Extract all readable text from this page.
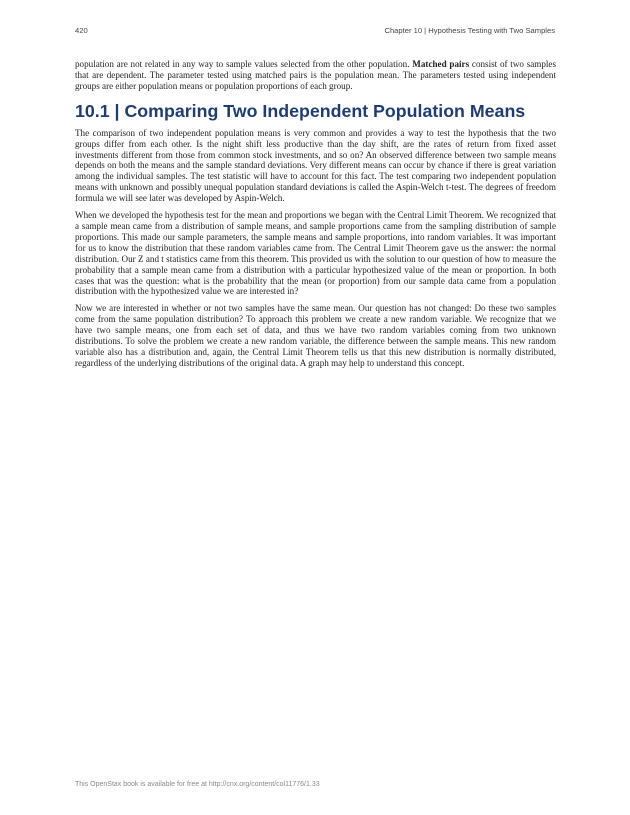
420	Chapter 10 | Hypothesis Testing with Two Samples

population are not related in any way to sample values selected from the other population. Matched pairs consist of two samples that are dependent. The parameter tested using matched pairs is the population mean. The parameters tested using independent groups are either population means or population proportions of each group.

10.1 | Comparing Two Independent Population Means

The comparison of two independent population means is very common and provides a way to test the hypothesis that the two groups differ from each other. Is the night shift less productive than the day shift, are the rates of return from fixed asset investments different from those from common stock investments, and so on? An observed difference between two sample means depends on both the means and the sample standard deviations. Very different means can occur by chance if there is great variation among the individual samples. The test statistic will have to account for this fact. The test comparing two independent population means with unknown and possibly unequal population standard deviations is called the Aspin-Welch t-test. The degrees of freedom formula we will see later was developed by Aspin-Welch.

When we developed the hypothesis test for the mean and proportions we began with the Central Limit Theorem. We recognized that a sample mean came from a distribution of sample means, and sample proportions came from the sampling distribution of sample proportions. This made our sample parameters, the sample means and sample proportions, into random variables. It was important for us to know the distribution that these random variables came from. The Central Limit Theorem gave us the answer: the normal distribution. Our Z and t statistics came from this theorem. This provided us with the solution to our question of how to measure the probability that a sample mean came from a distribution with a particular hypothesized value of the mean or proportion. In both cases that was the question: what is the probability that the mean (or proportion) from our sample data came from a population distribution with the hypothesized value we are interested in?

Now we are interested in whether or not two samples have the same mean. Our question has not changed: Do these two samples come from the same population distribution? To approach this problem we create a new random variable. We recognize that we have two sample means, one from each set of data, and thus we have two random variables coming from two unknown distributions. To solve the problem we create a new random variable, the difference between the sample means. This new random variable also has a distribution and, again, the Central Limit Theorem tells us that this new distribution is normally distributed, regardless of the underlying distributions of the original data. A graph may help to understand this concept.

This OpenStax book is available for free at http://cnx.org/content/col11776/1.33
